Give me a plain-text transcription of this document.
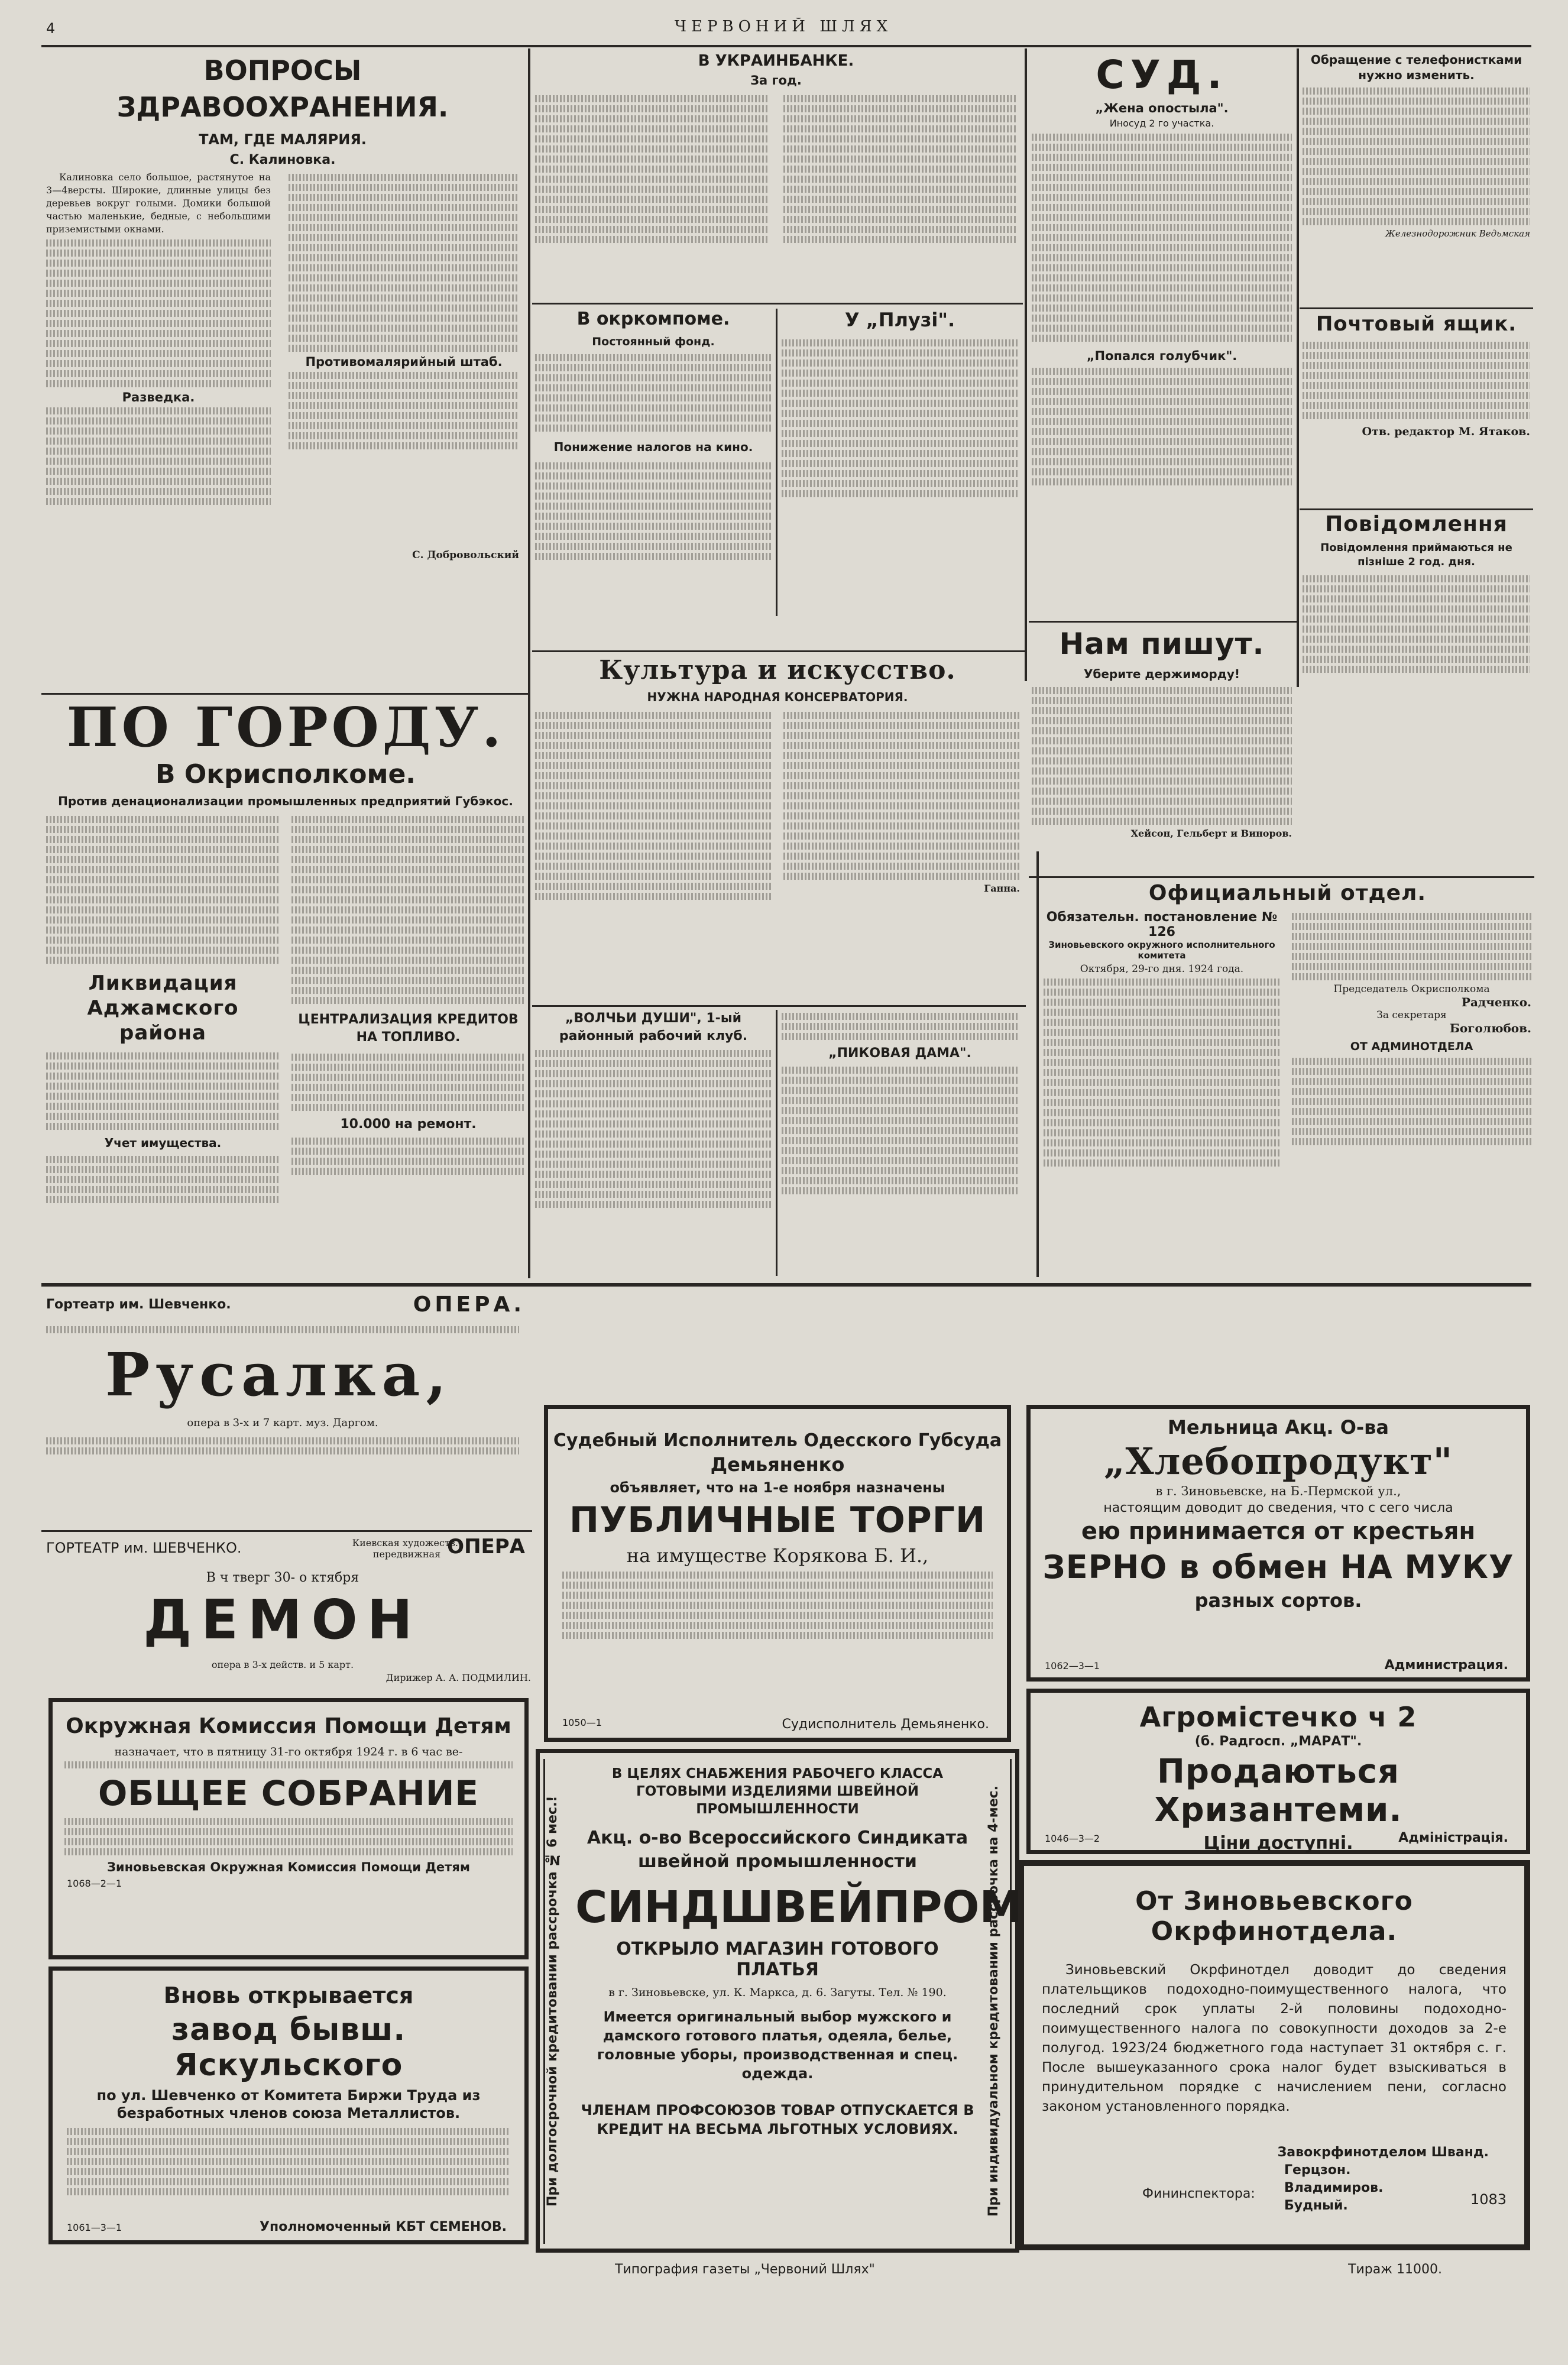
4	ЧЕРВОНИЙ ШЛЯХ
ВОПРОСЫ ЗДРАВООХРАНЕНИЯ.
ТАМ, ГДЕ МАЛЯРИЯ.
С. Калиновка.

Калиновка село большое, растянутое на 3—4версты. Широкие, длинные улицы без деревьев вокруг голыми. Домики большой частью маленькие, бедные, с небольшими приземистыми окнами.

Разведка.
Противомалярийный штаб.
С. Добровольский
В УКРАИНБАНКЕ.
За год.
В окркомпоме.
Постоянный фонд.
Понижение налогов на кино.
У „Плузі".
СУД.
„Жена опостыла".
Иносуд 2 го участка.
„Попался голубчик".
Нам пишут.
Уберите держиморду!
Хейсон, Гельберт и Виноров.
Обращение с телефонистками нужно изменить.
Железнодорожник Ведьмская
Почтовый ящик.
Отв. редактор М. Ятаков.
Повідомлення
Повідомлення приймаються не пізніше 2 год. дня.
Культура и искусство.
НУЖНА НАРОДНАЯ КОНСЕРВАТОРИЯ.
Ганна.
ПО ГОРОДУ.
В Окрисполкоме.
Против денационализации промышленных предприятий Губэкос.
Ликвидация Аджамского района
Учет имущества.
ЦЕНТРАЛИЗАЦИЯ КРЕДИТОВ НА ТОПЛИВО.
10.000 на ремонт.
„ВОЛЧЬИ ДУШИ", 1-ый районный рабочий клуб.
„ПИКОВАЯ ДАМА".
Официальный отдел.
Обязательн. постановление № 126
Зиновьевского окружного исполнительного комитета
Октября, 29-го дня. 1924 года.
Председатель Окрисполкома
Радченко.
За секретаря
Боголюбов.
ОТ АДМИНОТДЕЛА
Гортеатр им. Шевченко.	ОПЕРА.
Русалка,
опера в 3-х и 7 карт. муз. Даргом.
ГОРТЕАТР им. ШЕВЧЕНКО.	Киевская художеств.-передвижная ОПЕРА
В ч тверг 30- о ктября
ДЕМОН
опера в 3-х действ. и 5 карт.
Дирижер А. А. ПОДМИЛИН.
Окружная Комиссия Помощи Детям
назначает, что в пятницу 31-го октября 1924 г. в 6 час ве-
ОБЩЕЕ СОБРАНИЕ
Зиновьевская Окружная Комиссия Помощи Детям
1068—2—1
Вновь открывается
завод бывш. Яскульского
по ул. Шевченко от Комитета Биржи Труда из безработных членов союза Металлистов.
1061—3—1	Уполномоченный КБТ СЕМЕНОВ.
Судебный Исполнитель Одесского Губсуда
Демьяненко
объявляет, что на 1-е ноября назначены
ПУБЛИЧНЫЕ ТОРГИ
на имуществе Корякова Б. И.,
1050—1	Судисполнитель Демьяненко.
При долгосрочной кредитовании рассрочка № 6 мес.!	При индивидуальном кредитовании рассрочка на 4-мес.
В ЦЕЛЯХ СНАБЖЕНИЯ РАБОЧЕГО КЛАССА ГОТОВЫМИ ИЗДЕЛИЯМИ ШВЕЙНОЙ ПРОМЫШЛЕННОСТИ
Акц. о-во Всероссийского Синдиката швейной промышленности
СИНДШВЕЙПРОМ
ОТКРЫЛО МАГАЗИН ГОТОВОГО ПЛАТЬЯ
в г. Зиновьевске, ул. К. Маркса, д. 6. Загуты. Тел. № 190.
Имеется оригинальный выбор мужского и дамского готового платья, одеяла, белье, головные уборы, производственная и спец. одежда.
ЧЛЕНАМ ПРОФСОЮЗОВ ТОВАР ОТПУСКАЕТСЯ В КРЕДИТ НА ВЕСЬМА ЛЬГОТНЫХ УСЛОВИЯХ.
Мельница Акц. О-ва
„Хлебопродукт"
в г. Зиновьевске, на Б.-Пермской ул.,
настоящим доводит до сведения, что с сего числа
ею принимается от крестьян
ЗЕРНО в обмен НА МУКУ
разных сортов.
1062—3—1	Администрация.
Агромістечко ч 2
(б. Радгосп. „МАРАТ".
Продаються Хризантеми.
Ціни доступні.
1046—3—2	Адміністрація.
От Зиновьевского Окрфинотдела.
Зиновьевский Окрфинотдел доводит до сведения плательщиков подоходно-поимущественного налога, что последний срок уплаты 2-й половины подоходно-поимущественного налога по совокупности доходов за 2-е полугод. 1923/24 бюджетного года наступает 31 октября с. г. После вышеуказанного срока налог будет взыскиваться в принудительном порядке с начислением пени, согласно законом установленного порядка.
Завокрфинотделом Шванд.
Фининспектора:
Герцзон.
Владимиров.
Будный.	1083
Типография газеты „Червоний Шлях"	Тираж 11000.
